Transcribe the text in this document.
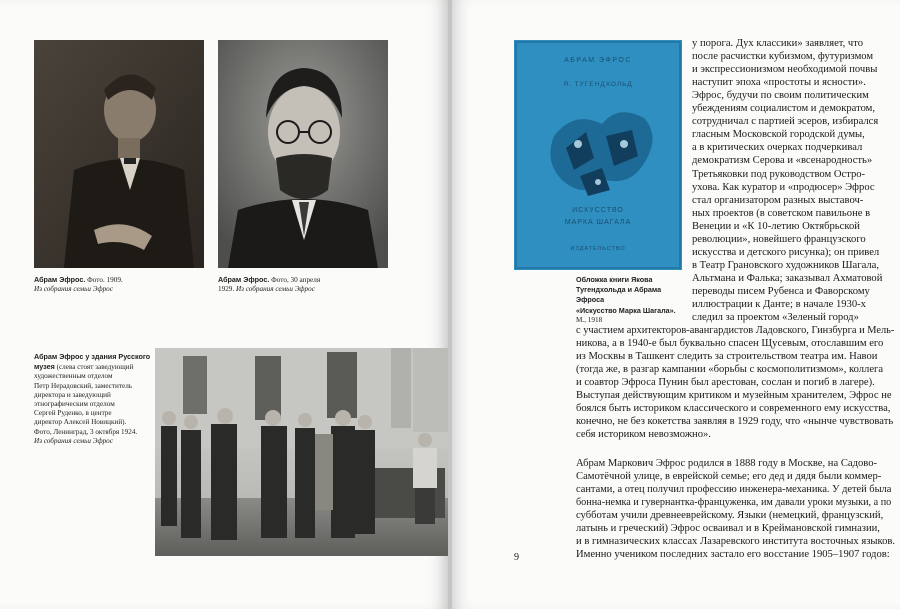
Абрам Эфрос. Фото. 1909.
Из собрания семьи Эфрос
Абрам Эфрос. Фото, 30 апреля
1929. Из собрания семьи Эфрос
Абрам Эфрос у здания Русского
музея (слева стоят заведующий
художественным отделом
Петр Нерадовский, заместитель
директора и заведующий
этнографическим отделом
Сергей Руденко, в центре
директор Алексей Новицкий).
Фото, Ленинград, 3 октября 1924.
Из собрания семьи Эфрос
АБРАМ ЭФРОС
Я. ТУГЕНДХОЛЬД
ИСКУССТВО
МАРКА ШАГАЛА
ИЗДАТЕЛЬСТВО
Обложка книги Якова
Тугендхольда и Абрама Эфроса
«Искусство Марка Шагала».
М., 1918
у порога. Дух классики» заявляет, что
после расчистки кубизмом, футуризмом
и экспрессионизмом необходимой почвы
наступит эпоха «простоты и ясности».
Эфрос, будучи по своим политическим
убеждениям социалистом и демократом,
сотрудничал с партией эсеров, избирался
гласным Московской городской думы,
а в критических очерках подчеркивал
демократизм Серова и «всенародность»
Третьяковки под руководством Остро-
ухова. Как куратор и «продюсер» Эфрос
стал организатором разных выставоч-
ных проектов (в советском павильоне в
Венеции и «К 10-летию Октябрьской
революции», новейшего французского
искусства и детского рисунка); он привел
в Театр Грановского художников Шагала,
Альтмана и Фалька; заказывал Ахматовой
переводы писем Рубенса и Фаворскому
иллюстрации к Данте; в начале 1930-х
следил за проектом «Зеленый город»
с участием архитекторов-авангардистов Ладовского, Гинзбурга и Мель-
никова, а в 1940-е был буквально спасен Щусевым, отославшим его
из Москвы в Ташкент следить за строительством театра им. Навои
(тогда же, в разгар кампании «борьбы с космополитизмом», коллега
и соавтор Эфроса Пунин был арестован, сослан и погиб в лагере).
Выступая действующим критиком и музейным хранителем, Эфрос не
боялся быть историком классического и современного ему искусства,
конечно, не без кокетства заявляя в 1929 году, что «нынче чувствовать
себя историком невозможно».
Абрам Маркович Эфрос родился в 1888 году в Москве, на Садово-
Самотёчной улице, в еврейской семье; его дед и дядя были коммер-
сантами, а отец получил профессию инженера-механика. У детей была
бонна-немка и гувернантка-француженка, им давали уроки музыки, а по
субботам учили древнееврейскому. Языки (немецкий, французский,
латынь и греческий) Эфрос осваивал и в Креймановской гимназии,
и в гимназических классах Лазаревского института восточных языков.
Именно учеником последних застало его восстание 1905–1907 годов:
9
